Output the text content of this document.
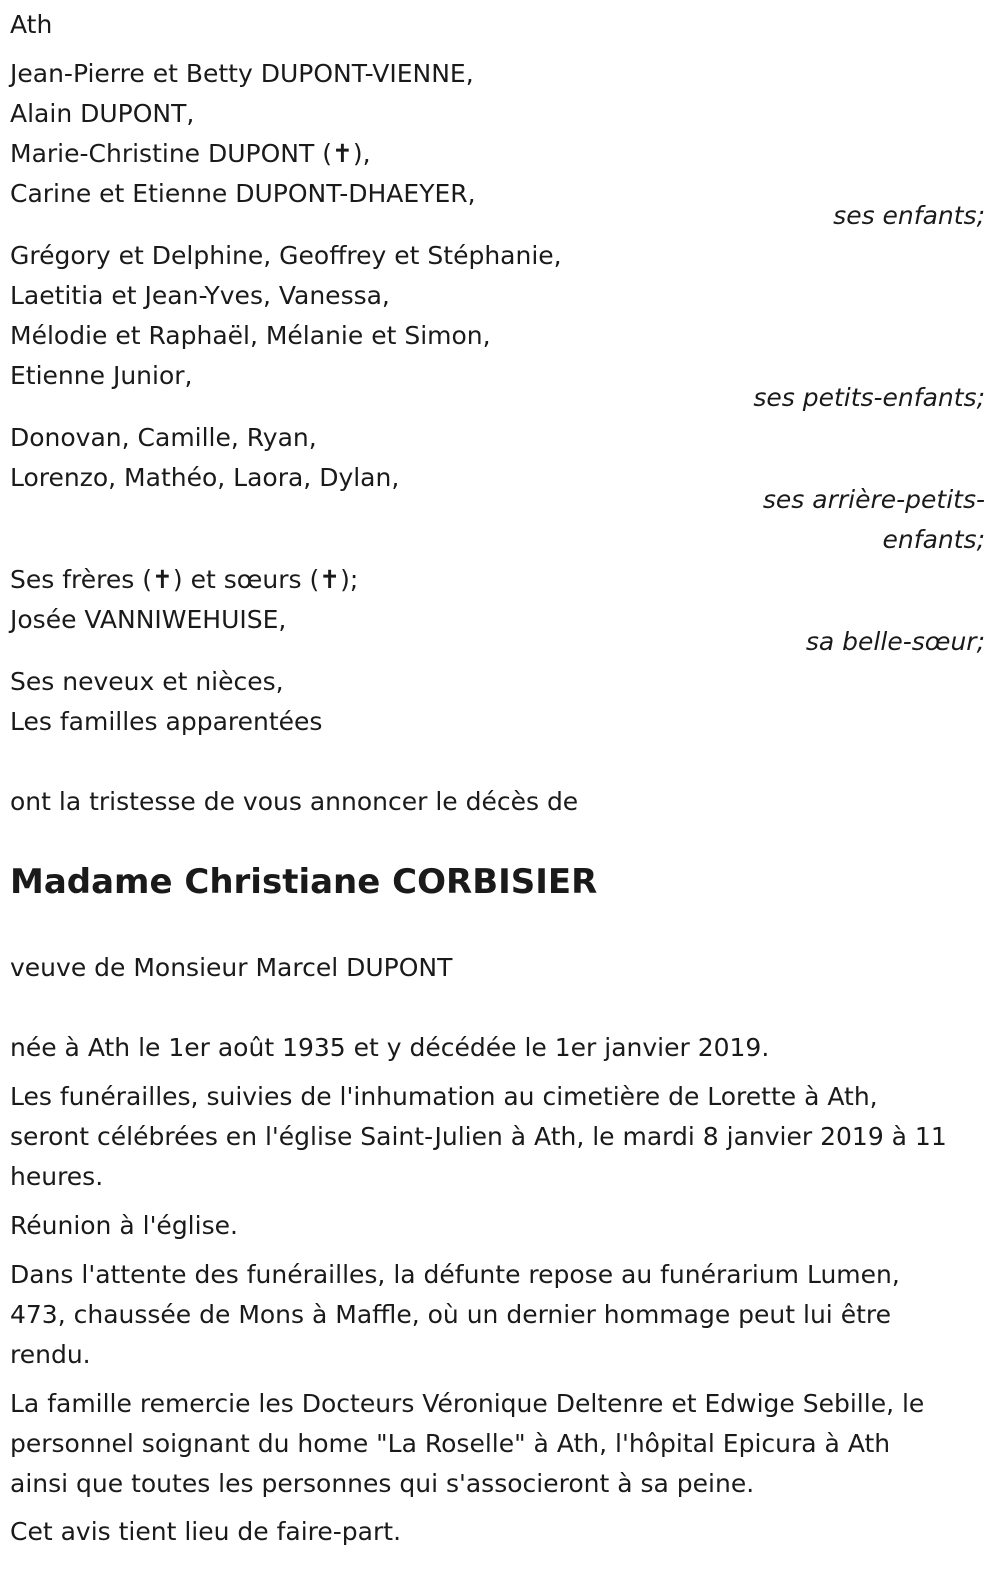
Ath
Jean-Pierre et Betty DUPONT-VIENNE,
Alain DUPONT,
Marie-Christine DUPONT (✝),
Carine et Etienne DUPONT-DHAEYER,
ses enfants;
Grégory et Delphine, Geoffrey et Stéphanie,
Laetitia et Jean-Yves, Vanessa,
Mélodie et Raphaël, Mélanie et Simon,
Etienne Junior,
ses petits-enfants;
Donovan, Camille, Ryan,
Lorenzo, Mathéo, Laora, Dylan,
ses arrière-petits-
enfants;
Ses frères (✝) et sœurs (✝);
Josée VANNIWEHUISE,
sa belle-sœur;
Ses neveux et nièces,
Les familles apparentées
ont la tristesse de vous annoncer le décès de
Madame Christiane CORBISIER
veuve de Monsieur Marcel DUPONT
née à Ath le 1er août 1935 et y décédée le 1er janvier 2019.
Les funérailles, suivies de l'inhumation au cimetière de Lorette à Ath,
seront célébrées en l'église Saint-Julien à Ath, le mardi 8 janvier 2019 à 11
heures.
Réunion à l'église.
Dans l'attente des funérailles, la défunte repose au funérarium Lumen,
473, chaussée de Mons à Maffle, où un dernier hommage peut lui être
rendu.
La famille remercie les Docteurs Véronique Deltenre et Edwige Sebille, le
personnel soignant du home "La Roselle" à Ath, l'hôpital Epicura à Ath
ainsi que toutes les personnes qui s'associeront à sa peine.
Cet avis tient lieu de faire-part.
